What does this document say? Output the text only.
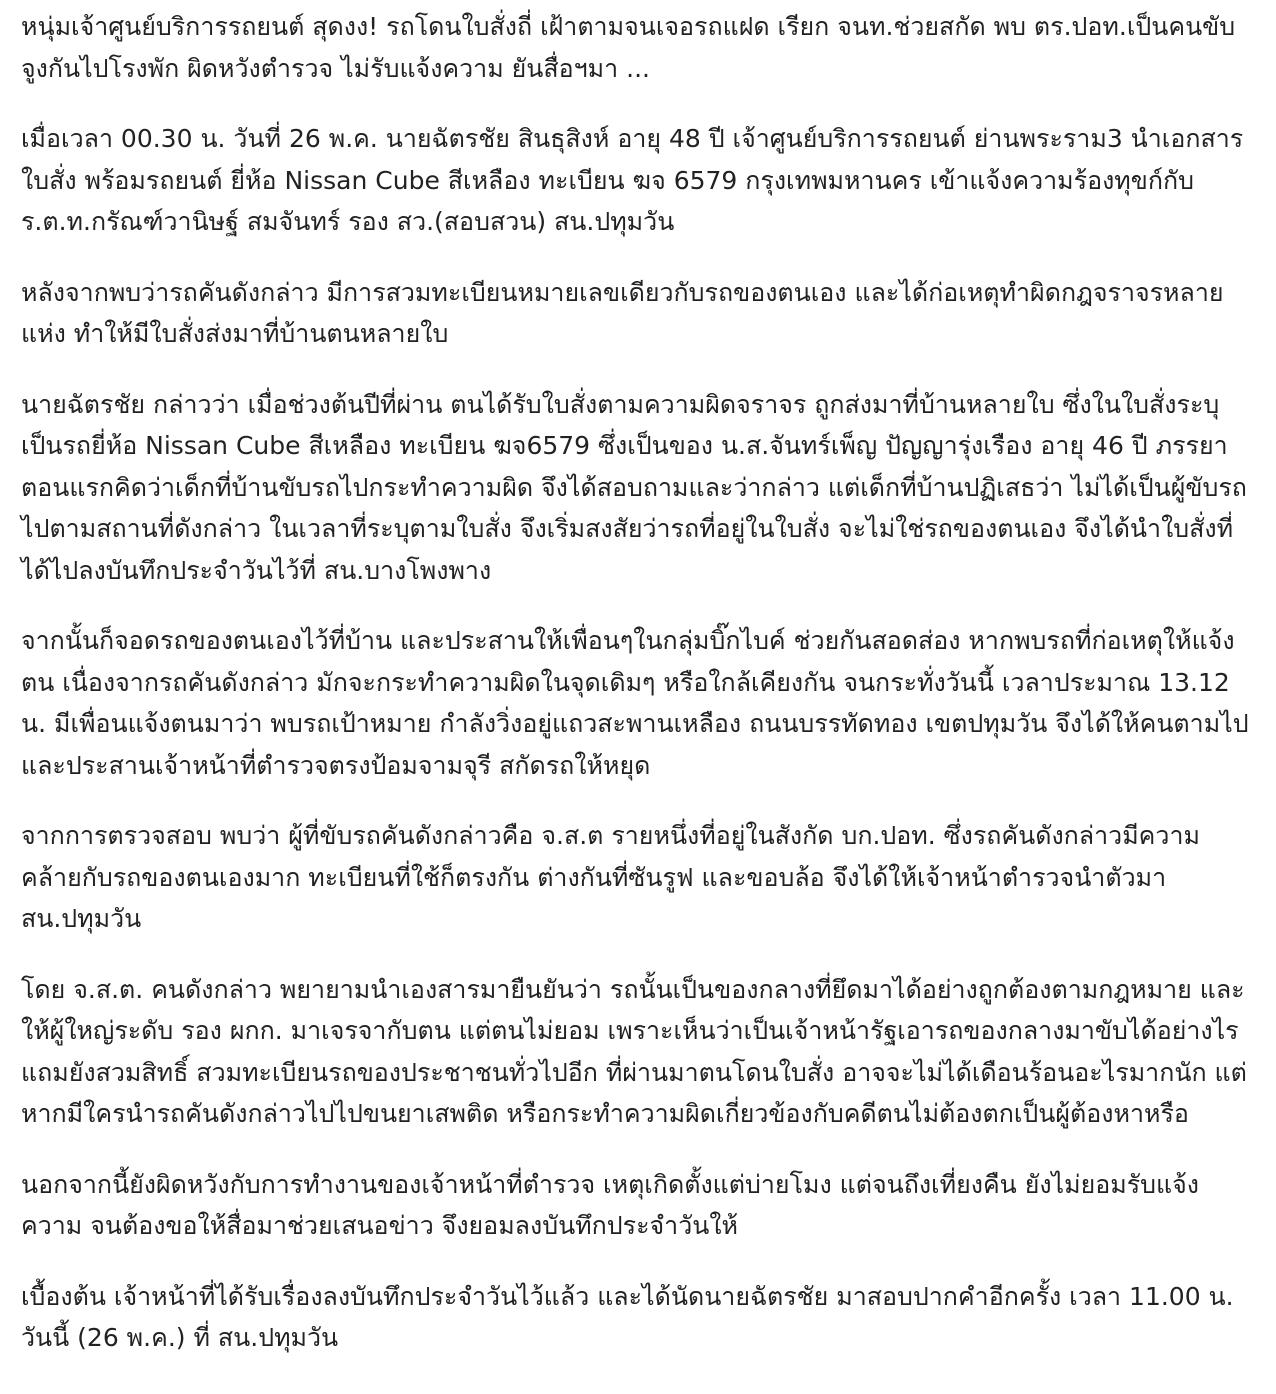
หนุ่มเจ้าศูนย์บริการรถยนต์ สุดงง! รถโดนใบสั่งถี่ เฝ้าตามจนเจอรถแฝด เรียก จนท.ช่วยสกัด พบ ตร.ปอท.เป็นคนขับ จูงกันไปโรงพัก ผิดหวังตำรวจ ไม่รับแจ้งความ ยันสื่อฯมา ...

เมื่อเวลา 00.30 น. วันที่ 26 พ.ค. นายฉัตรชัย สินธุสิงห์ อายุ 48 ปี เจ้าศูนย์บริการรถยนต์ ย่านพระราม3 นำเอกสารใบสั่ง พร้อมรถยนต์ ยี่ห้อ Nissan Cube สีเหลือง ทะเบียน ฆจ 6579 กรุงเทพมหานคร เข้าแจ้งความร้องทุขก์กับ ร.ต.ท.กรัณฑ์วานิษฐ์ สมจันทร์ รอง สว.(สอบสวน) สน.ปทุมวัน

หลังจากพบว่ารถคันดังกล่าว มีการสวมทะเบียนหมายเลขเดียวกับรถของตนเอง และได้ก่อเหตุทำผิดกฎจราจรหลายแห่ง ทำให้มีใบสั่งส่งมาที่บ้านตนหลายใบ

นายฉัตรชัย กล่าวว่า เมื่อช่วงต้นปีที่ผ่าน ตนได้รับใบสั่งตามความผิดจราจร ถูกส่งมาที่บ้านหลายใบ ซึ่งในใบสั่งระบุเป็นรถยี่ห้อ Nissan Cube สีเหลือง ทะเบียน ฆจ6579 ซึ่งเป็นของ น.ส.จันทร์เพ็ญ ปัญญารุ่งเรือง อายุ 46 ปี ภรรยา ตอนแรกคิดว่าเด็กที่บ้านขับรถไปกระทำความผิด จึงได้สอบถามและว่ากล่าว แต่เด็กที่บ้านปฏิเสธว่า ไม่ได้เป็นผู้ขับรถไปตามสถานที่ดังกล่าว ในเวลาที่ระบุตามใบสั่ง จึงเริ่มสงสัยว่ารถที่อยู่ในใบสั่ง จะไม่ใช่รถของตนเอง จึงได้นำใบสั่งที่ได้ไปลงบันทึกประจำวันไว้ที่ สน.บางโพงพาง

จากนั้นก็จอดรถของตนเองไว้ที่บ้าน และประสานให้เพื่อนๆในกลุ่มบิ๊กไบค์ ช่วยกันสอดส่อง หากพบรถที่ก่อเหตุให้แจ้งตน เนื่องจากรถคันดังกล่าว มักจะกระทำความผิดในจุดเดิมๆ หรือใกล้เคียงกัน จนกระทั่งวันนี้ เวลาประมาณ 13.12 น. มีเพื่อนแจ้งตนมาว่า พบรถเป้าหมาย กำลังวิ่งอยู่แถวสะพานเหลือง ถนนบรรทัดทอง เขตปทุมวัน จึงได้ให้คนตามไป และประสานเจ้าหน้าที่ตำรวจตรงป้อมจามจุรี สกัดรถให้หยุด

จากการตรวจสอบ พบว่า ผู้ที่ขับรถคันดังกล่าวคือ จ.ส.ต รายหนึ่งที่อยู่ในสังกัด บก.ปอท. ซึ่งรถคันดังกล่าวมีความคล้ายกับรถของตนเองมาก ทะเบียนที่ใช้ก็ตรงกัน ต่างกันที่ซันรูฟ และขอบล้อ จึงได้ให้เจ้าหน้าตำรวจนำตัวมา สน.ปทุมวัน

โดย จ.ส.ต. คนดังกล่าว พยายามนำเองสารมายืนยันว่า รถนั้นเป็นของกลางที่ยึดมาได้อย่างถูกต้องตามกฎหมาย และให้ผู้ใหญ่ระดับ รอง ผกก. มาเจรจากับตน แต่ตนไม่ยอม เพราะเห็นว่าเป็นเจ้าหน้ารัฐเอารถของกลางมาขับได้อย่างไร แถมยังสวมสิทธิ์ สวมทะเบียนรถของประชาชนทั่วไปอีก ที่ผ่านมาตนโดนใบสั่ง อาจจะไม่ได้เดือนร้อนอะไรมากนัก แต่หากมีใครนำรถคันดังกล่าวไปไปขนยาเสพติด หรือกระทำความผิดเกี่ยวข้องกับคดีตนไม่ต้องตกเป็นผู้ต้องหาหรือ

นอกจากนี้ยังผิดหวังกับการทำงานของเจ้าหน้าที่ตำรวจ เหตุเกิดตั้งแต่บ่ายโมง แต่จนถึงเที่ยงคืน ยังไม่ยอมรับแจ้งความ จนต้องขอให้สื่อมาช่วยเสนอข่าว จึงยอมลงบันทึกประจำวันให้

เบื้องต้น เจ้าหน้าที่ได้รับเรื่องลงบันทึกประจำวันไว้แล้ว และได้นัดนายฉัตรชัย มาสอบปากคำอีกครั้ง เวลา 11.00 น. วันนี้ (26 พ.ค.) ที่ สน.ปทุมวัน
